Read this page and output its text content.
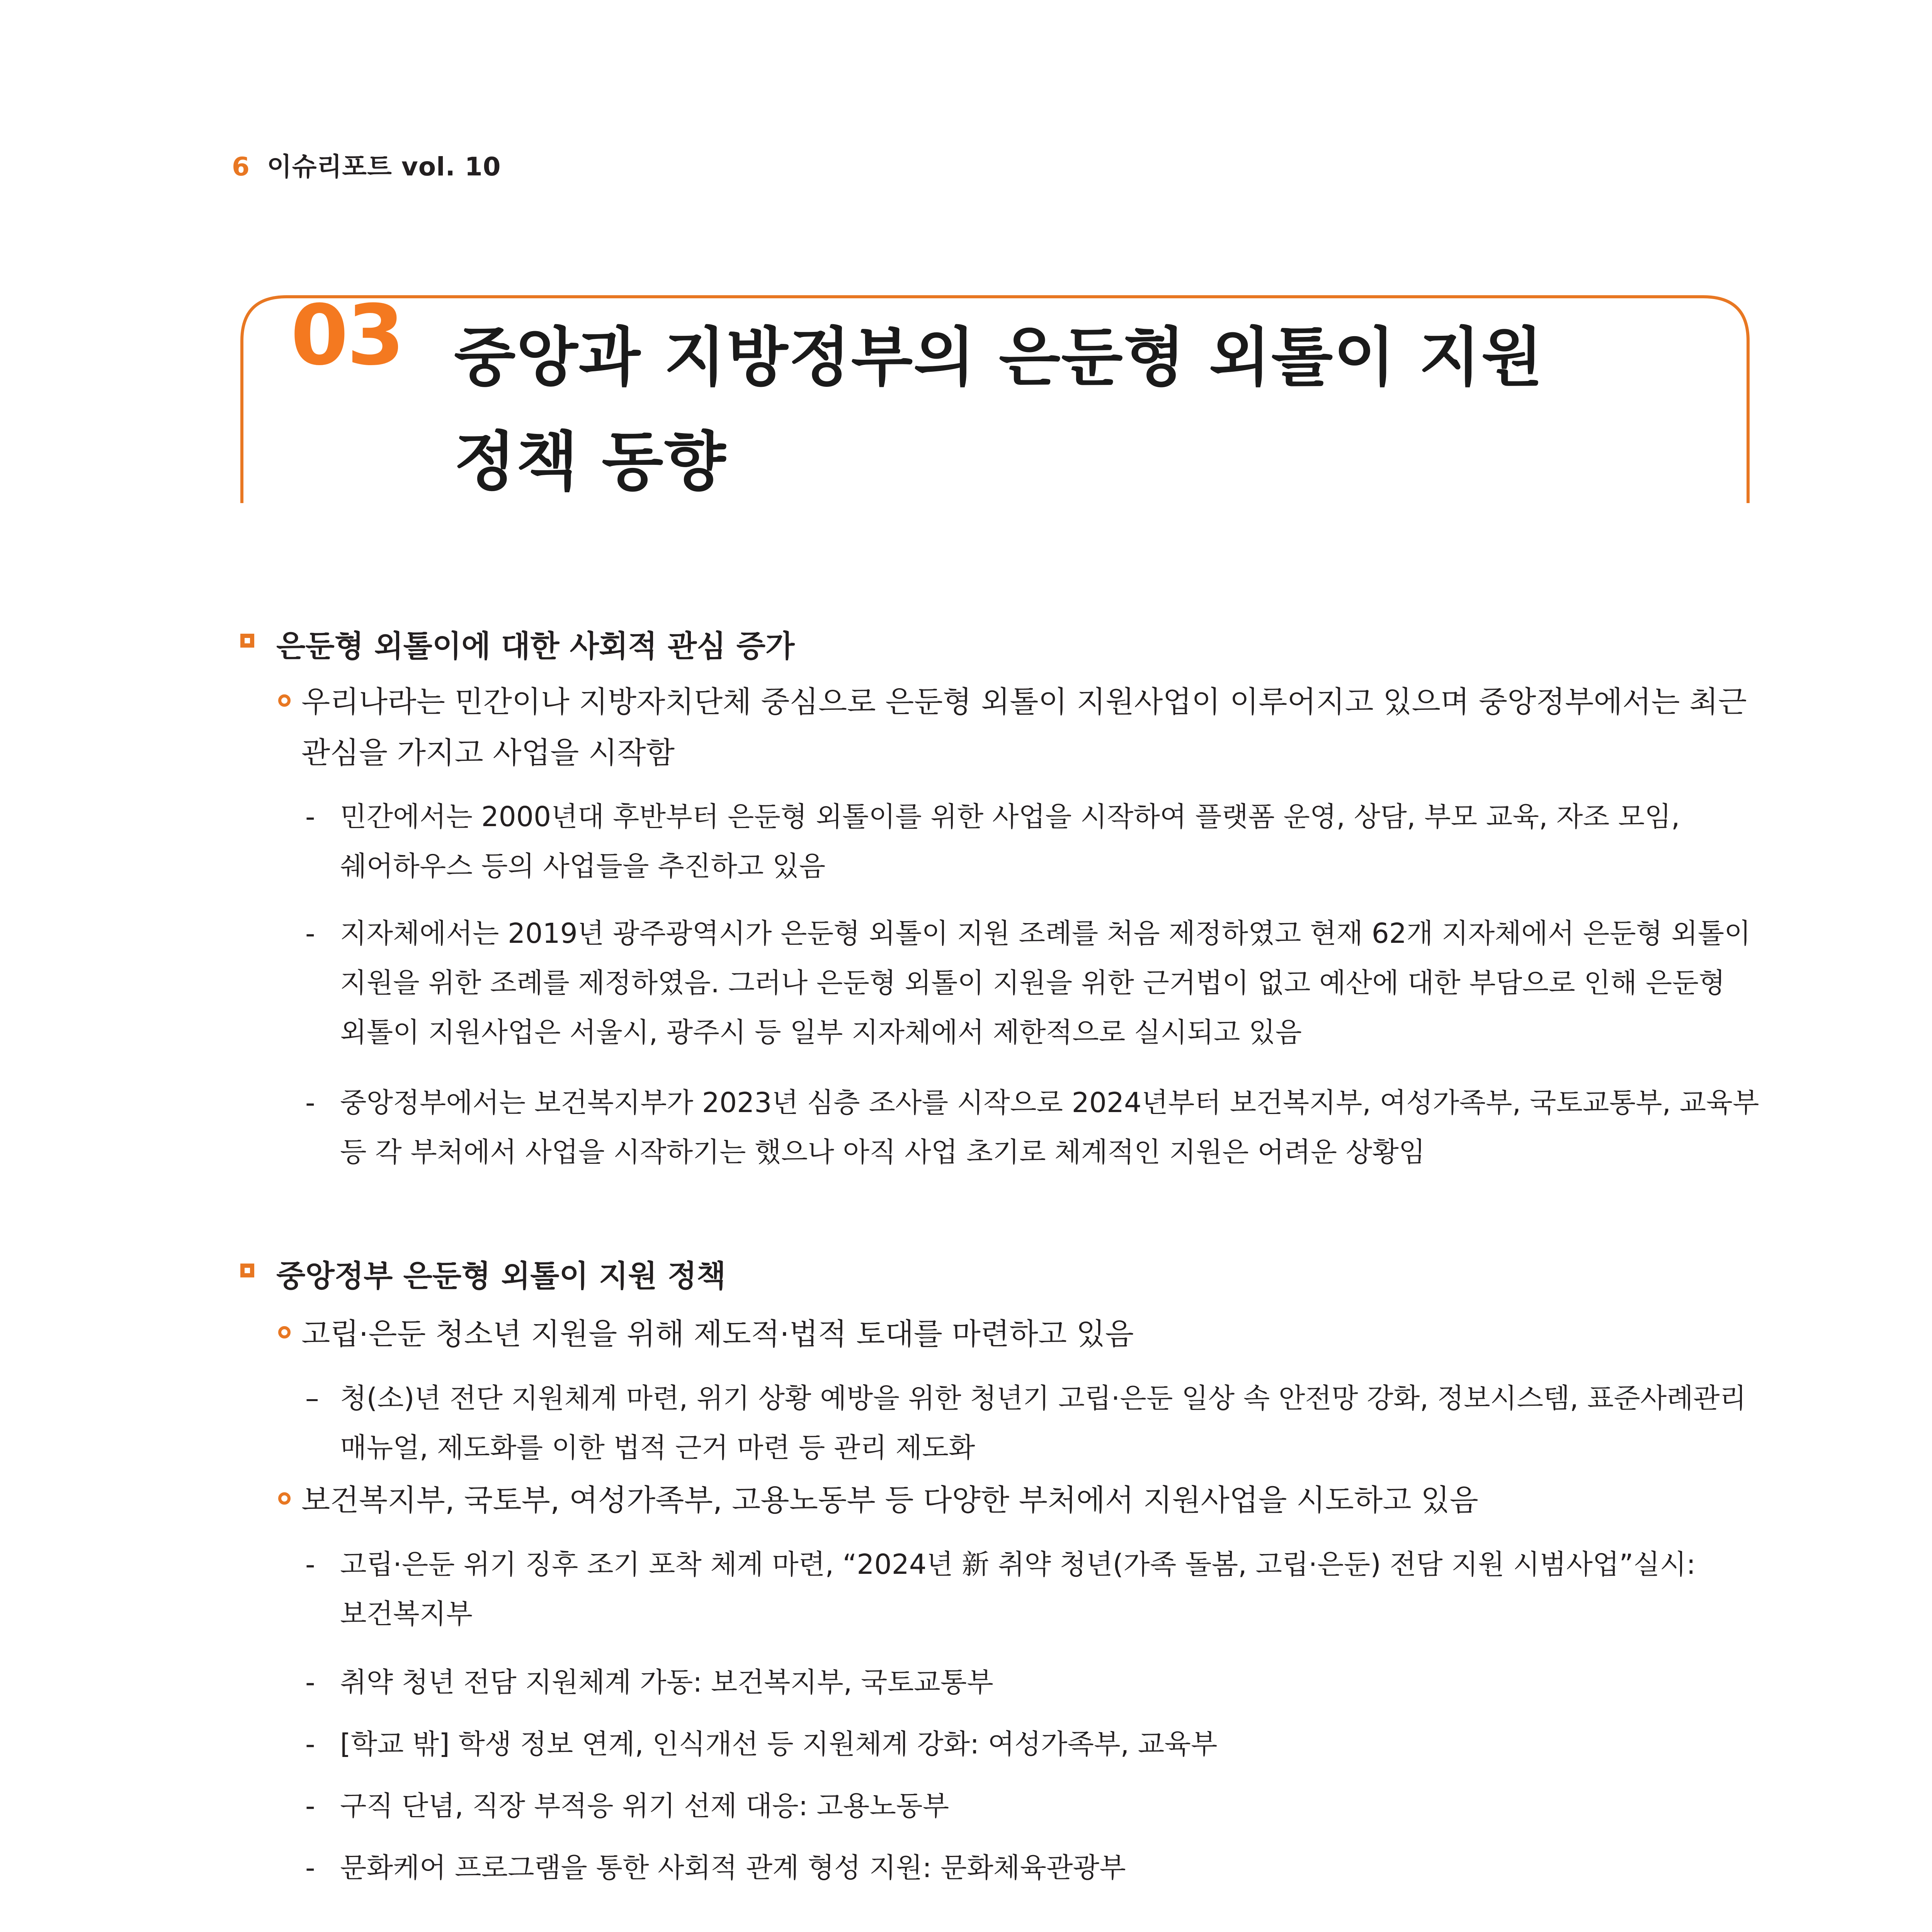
6 이슈리포트 vol. 10
03 중앙과 지방정부의 은둔형 외톨이 지원
정책 동향
은둔형 외톨이에 대한 사회적 관심 증가
우리나라는 민간이나 지방자치단체 중심으로 은둔형 외톨이 지원사업이 이루어지고 있으며 중앙정부에서는 최근
관심을 가지고 사업을 시작함
- 민간에서는 2000년대 후반부터 은둔형 외톨이를 위한 사업을 시작하여 플랫폼 운영, 상담, 부모 교육, 자조 모임,
쉐어하우스 등의 사업들을 추진하고 있음
- 지자체에서는 2019년 광주광역시가 은둔형 외톨이 지원 조례를 처음 제정하였고 현재 62개 지자체에서 은둔형 외톨이
지원을 위한 조례를 제정하였음. 그러나 은둔형 외톨이 지원을 위한 근거법이 없고 예산에 대한 부담으로 인해 은둔형
외톨이 지원사업은 서울시, 광주시 등 일부 지자체에서 제한적으로 실시되고 있음
- 중앙정부에서는 보건복지부가 2023년 심층 조사를 시작으로 2024년부터 보건복지부, 여성가족부, 국토교통부, 교육부
등 각 부처에서 사업을 시작하기는 했으나 아직 사업 초기로 체계적인 지원은 어려운 상황임
중앙정부 은둔형 외톨이 지원 정책
고립·은둔 청소년 지원을 위해 제도적·법적 토대를 마련하고 있음
– 청(소)년 전단 지원체계 마련, 위기 상황 예방을 위한 청년기 고립·은둔 일상 속 안전망 강화, 정보시스템, 표준사례관리
매뉴얼, 제도화를 이한 법적 근거 마련 등 관리 제도화
보건복지부, 국토부, 여성가족부, 고용노동부 등 다양한 부처에서 지원사업을 시도하고 있음
- 고립·은둔 위기 징후 조기 포착 체계 마련, “2024년 新 취약 청년(가족 돌봄, 고립·은둔) 전담 지원 시범사업”실시:
보건복지부
- 취약 청년 전담 지원체계 가동: 보건복지부, 국토교통부
- [학교 밖] 학생 정보 연계, 인식개선 등 지원체계 강화: 여성가족부, 교육부
- 구직 단념, 직장 부적응 위기 선제 대응: 고용노동부
- 문화케어 프로그램을 통한 사회적 관계 형성 지원: 문화체육관광부
